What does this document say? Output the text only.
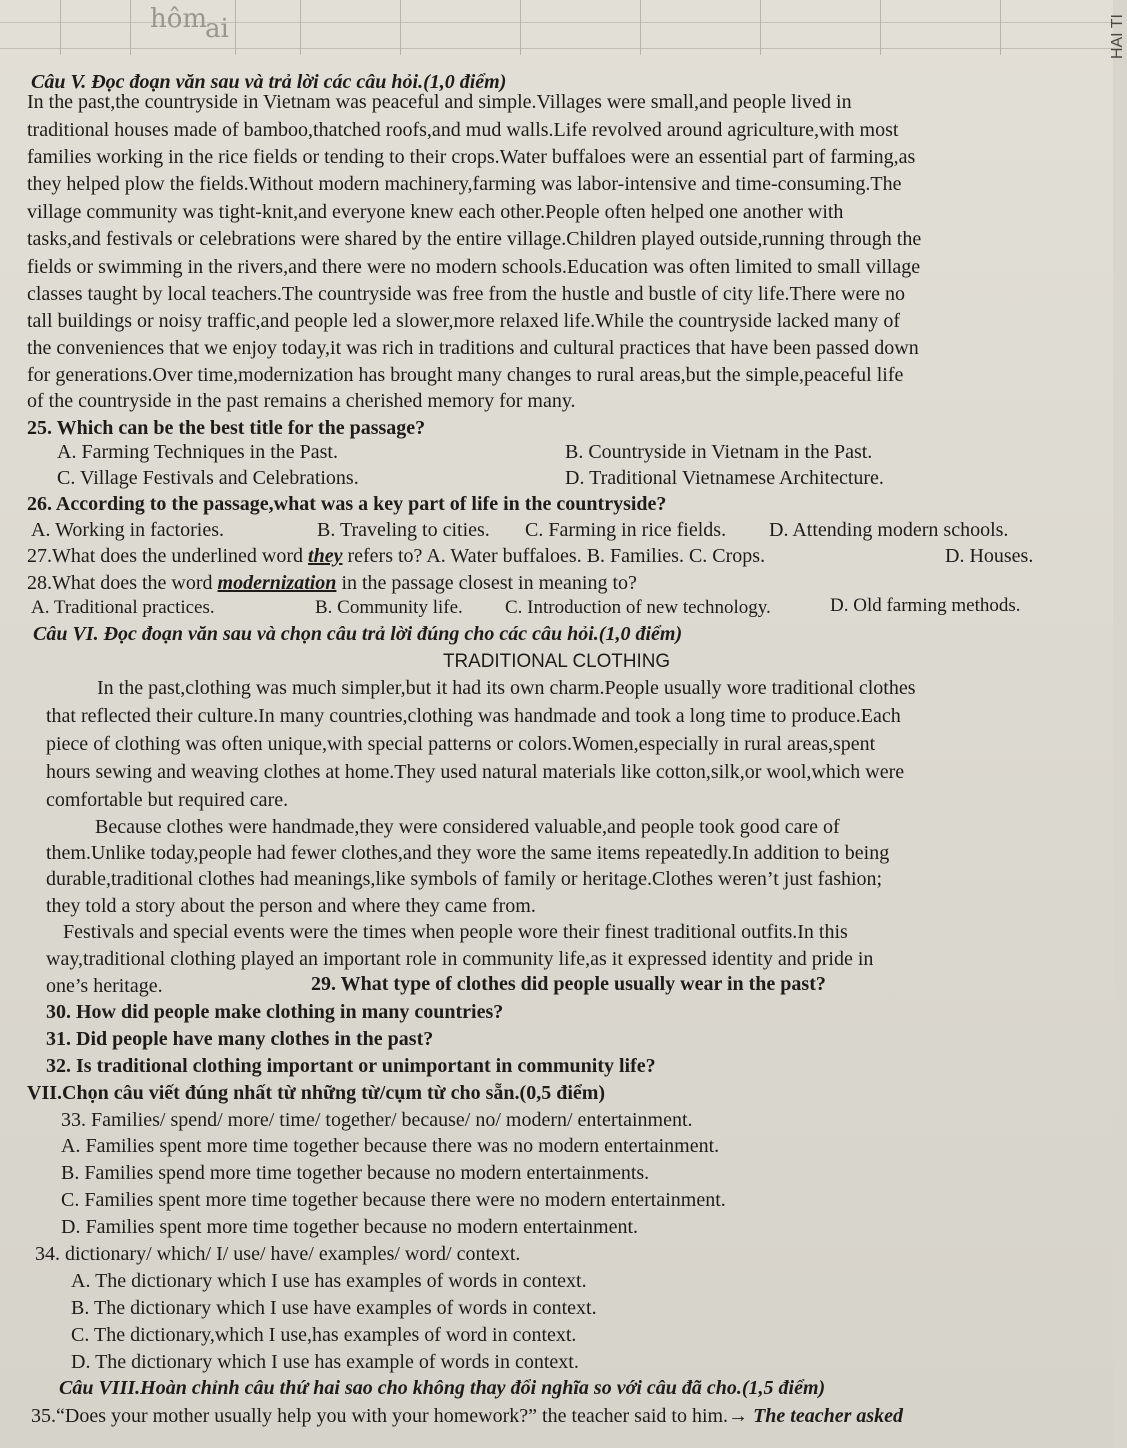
hôm
ai	HAI TI
Câu V. Đọc đoạn văn sau và trả lời các câu hỏi.(1,0 điểm)
In the past,the countryside in Vietnam was peaceful and simple.Villages were small,and people lived in
traditional houses made of bamboo,thatched roofs,and mud walls.Life revolved around agriculture,with most
families working in the rice fields or tending to their crops.Water buffaloes were an essential part of farming,as
they helped plow the fields.Without modern machinery,farming was labor-intensive and time-consuming.The
village community was tight-knit,and everyone knew each other.People often helped one another with
tasks,and festivals or celebrations were shared by the entire village.Children played outside,running through the
fields or swimming in the rivers,and there were no modern schools.Education was often limited to small village
classes taught by local teachers.The countryside was free from the hustle and bustle of city life.There were no
tall buildings or noisy traffic,and people led a slower,more relaxed life.While the countryside lacked many of
the conveniences that we enjoy today,it was rich in traditions and cultural practices that have been passed down
for generations.Over time,modernization has brought many changes to rural areas,but the simple,peaceful life
of the countryside in the past remains a cherished memory for many.
25. Which can be the best title for the passage?
A. Farming Techniques in the Past.	B. Countryside in Vietnam in the Past.
C. Village Festivals and Celebrations.	D. Traditional Vietnamese Architecture.
26. According to the passage,what was a key part of life in the countryside?
A. Working in factories.	B. Traveling to cities. C. Farming in rice fields. D. Attending modern schools.
27.What does the underlined word they refers to? A. Water buffaloes. B. Families. C. Crops.	D. Houses.
28.What does the word modernization in the passage closest in meaning to?
A. Traditional practices.	B. Community life. C. Introduction of new technology.	D. Old farming methods.
Câu VI. Đọc đoạn văn sau và chọn câu trả lời đúng cho các câu hỏi.(1,0 điểm)
TRADITIONAL CLOTHING
In the past,clothing was much simpler,but it had its own charm.People usually wore traditional clothes
that reflected their culture.In many countries,clothing was handmade and took a long time to produce.Each
piece of clothing was often unique,with special patterns or colors.Women,especially in rural areas,spent
hours sewing and weaving clothes at home.They used natural materials like cotton,silk,or wool,which were
comfortable but required care.
Because clothes were handmade,they were considered valuable,and people took good care of
them.Unlike today,people had fewer clothes,and they wore the same items repeatedly.In addition to being
durable,traditional clothes had meanings,like symbols of family or heritage.Clothes weren’t just fashion;
they told a story about the person and where they came from.
Festivals and special events were the times when people wore their finest traditional outfits.In this
way,traditional clothing played an important role in community life,as it expressed identity and pride in
one’s heritage.	29. What type of clothes did people usually wear in the past?
30. How did people make clothing in many countries?
31. Did people have many clothes in the past?
32. Is traditional clothing important or unimportant in community life?
VII.Chọn câu viết đúng nhất từ những từ/cụm từ cho sẵn.(0,5 điểm)
33. Families/ spend/ more/ time/ together/ because/ no/ modern/ entertainment.
A. Families spent more time together because there was no modern entertainment.
B. Families spend more time together because no modern entertainments.
C. Families spent more time together because there were no modern entertainment.
D. Families spent more time together because no modern entertainment.
34. dictionary/ which/ I/ use/ have/ examples/ word/ context.
A. The dictionary which I use has examples of words in context.
B. The dictionary which I use have examples of words in context.
C. The dictionary,which I use,has examples of word in context.
D. The dictionary which I use has example of words in context.
Câu VIII.Hoàn chỉnh câu thứ hai sao cho không thay đổi nghĩa so với câu đã cho.(1,5 điểm)
35.“Does your mother usually help you with your homework?” the teacher said to him.→ The teacher asked
